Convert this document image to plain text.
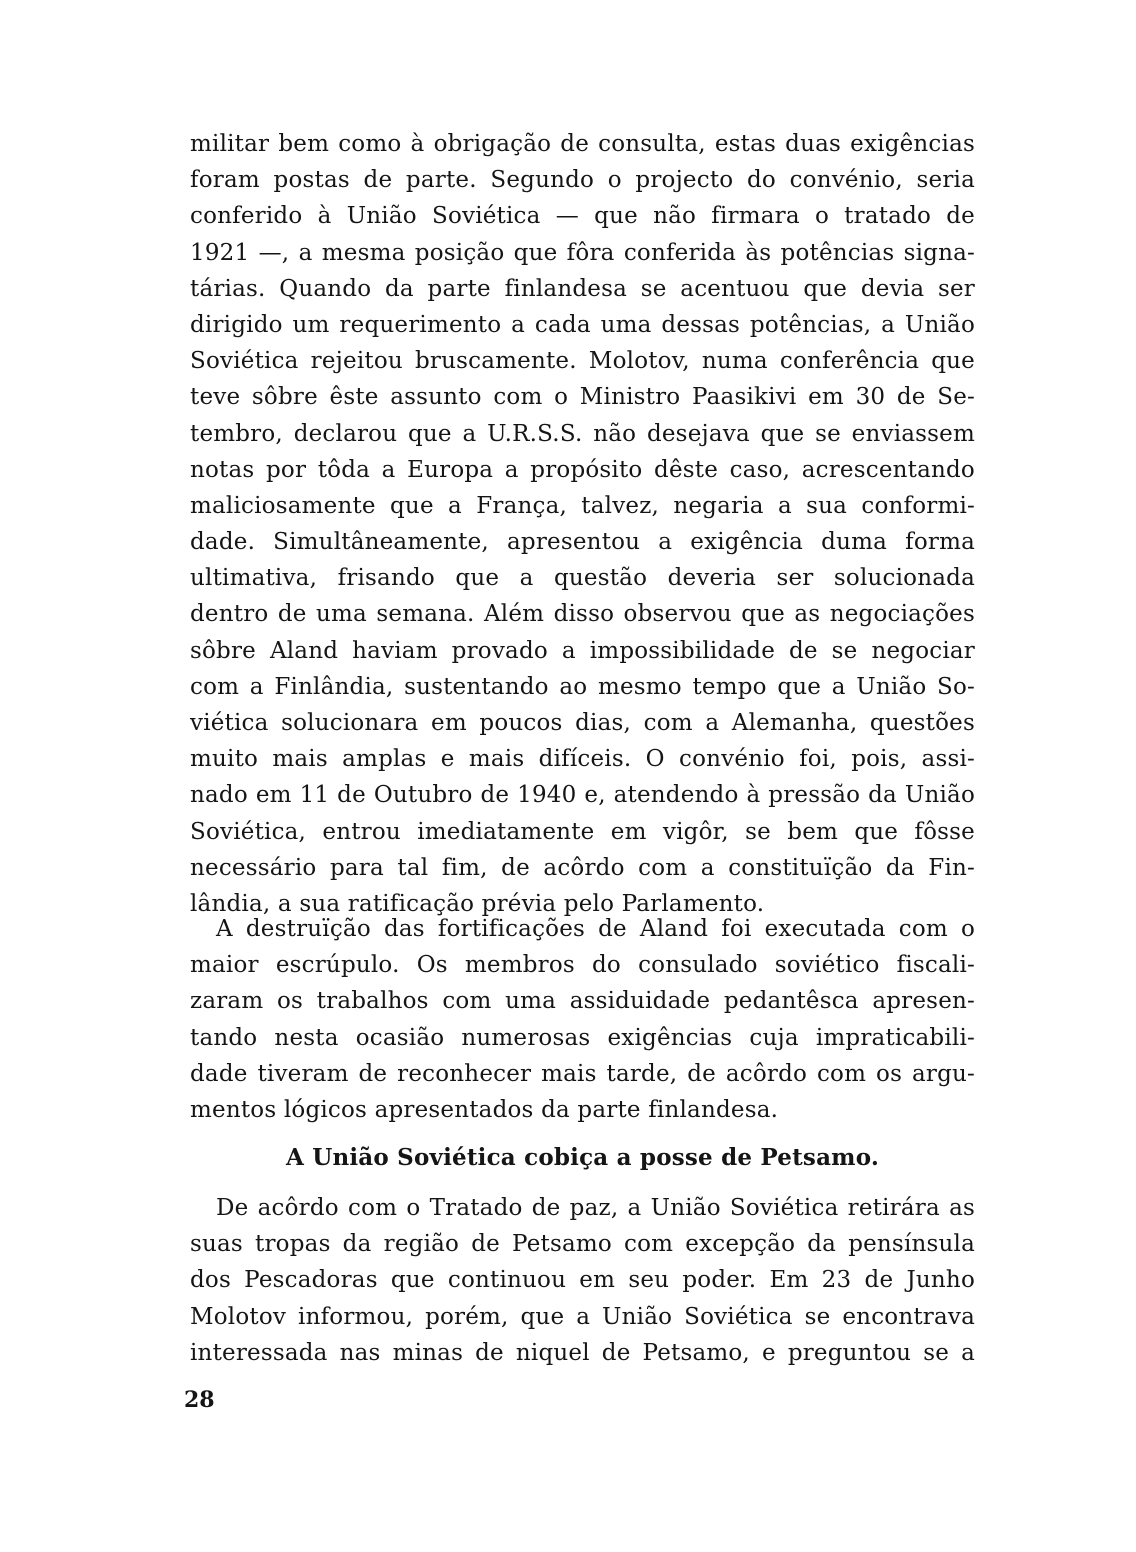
militar bem como à obrigação de consulta, estas duas exigências
foram postas de parte. Segundo o projecto do convénio, seria
conferido à União Soviética — que não firmara o tratado de
1921 —, a mesma posição que fôra conferida às potências signa-
tárias. Quando da parte finlandesa se acentuou que devia ser
dirigido um requerimento a cada uma dessas potências, a União
Soviética rejeitou bruscamente. Molotov, numa conferência que
teve sôbre êste assunto com o Ministro Paasikivi em 30 de Se-
tembro, declarou que a U.R.S.S. não desejava que se enviassem
notas por tôda a Europa a propósito dêste caso, acrescentando
maliciosamente que a França, talvez, negaria a sua conformi-
dade. Simultâneamente, apresentou a exigência duma forma
ultimativa, frisando que a questão deveria ser solucionada
dentro de uma semana. Além disso observou que as negociações
sôbre Aland haviam provado a impossibilidade de se negociar
com a Finlândia, sustentando ao mesmo tempo que a União So-
viética solucionara em poucos dias, com a Alemanha, questões
muito mais amplas e mais difíceis. O convénio foi, pois, assi-
nado em 11 de Outubro de 1940 e, atendendo à pressão da União
Soviética, entrou imediatamente em vigôr, se bem que fôsse
necessário para tal fim, de acôrdo com a constituïção da Fin-
lândia, a sua ratificação prévia pelo Parlamento.
A destruïção das fortificações de Aland foi executada com o
maior escrúpulo. Os membros do consulado soviético fiscali-
zaram os trabalhos com uma assiduidade pedantêsca apresen-
tando nesta ocasião numerosas exigências cuja impraticabili-
dade tiveram de reconhecer mais tarde, de acôrdo com os argu-
mentos lógicos apresentados da parte finlandesa.
A União Soviética cobiça a posse de Petsamo.
De acôrdo com o Tratado de paz, a União Soviética retirára as
suas tropas da região de Petsamo com excepção da pensínsula
dos Pescadoras que continuou em seu poder. Em 23 de Junho
Molotov informou, porém, que a União Soviética se encontrava
interessada nas minas de niquel de Petsamo, e preguntou se a
28
